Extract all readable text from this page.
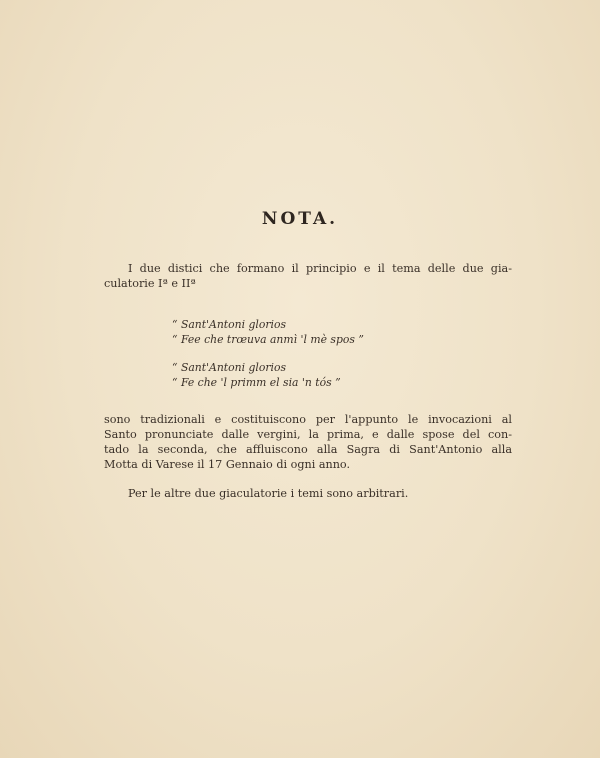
NOTA.
I due distici che formano il principio e il tema delle due gia-
culatorie Iª e IIª
“ Sant'Antoni glorios
“ Fee che trœuva anmì 'l mè spos ”
“ Sant'Antoni glorios
“ Fe che 'l primm el sia 'n tós ”
sono tradizionali e costituiscono per l'appunto le invocazioni al
Santo pronunciate dalle vergini, la prima, e dalle spose del con-
tado la seconda, che affluiscono alla Sagra di Sant'Antonio alla
Motta di Varese il 17 Gennaio di ogni anno.
Per le altre due giaculatorie i temi sono arbitrari.
